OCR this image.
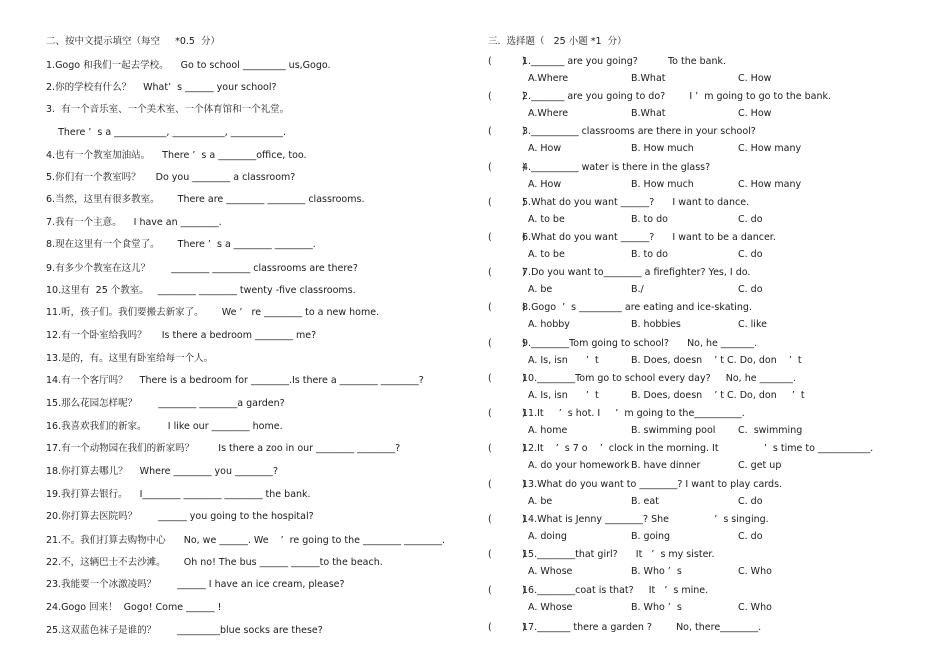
二、按中文提示填空（每空     *0.5  分）
1.Gogo 和我们一起去学校。    Go to school _________ us,Gogo.
2.你的学校有什么？    What’  s ______ your school?
3.  有一个音乐室、一个美术室、一个体育馆和一个礼堂。
There ’  s a ___________, ___________, ___________.
4.也有一个教室加油站。    There ’  s a ________office, too.
5.你们有一个教室吗？     Do you ________ a classroom?
6.当然，这里有很多教室。      There are ________ ________ classrooms.
7.我有一个主意。    I have an ________.
8.现在这里有一个食堂了。      There ’  s a ________ ________.
9.有多少个教室在这儿？       ________ ________ classrooms are there?
10.这里有  25 个教室。   ________ ________ twenty -five classrooms.
11.听，孩子们。我们要搬去新家了。      We ’   re ________ to a new home.
12.有一个卧室给我吗？     Is there a bedroom ________ me?
13.是的，有。这里有卧室给每一个人。
14.有一个客厅吗？    There is a bedroom for ________.Is there a ________ ________?
15.那么花园怎样呢？       ________ ________a garden?
16.我喜欢我们的新家。       I like our ________ home.
17.有一个动物园在我们的新家吗？        Is there a zoo in our ________ ________?
18.你打算去哪儿？    Where ________ you ________?
19.我打算去银行。    I________ ________ ________ the bank.
20.你打算去医院吗？       ______ you going to the hospital?
21.不。我们打算去购物中心      No, we ______. We    ’  re going to the ________ ________.
22.不，这辆巴士不去沙滩。      Oh no! The bus ______ ______to the beach.
23.我能要一个冰激凌吗？       ______ I have an ice cream, please?
24.Gogo 回来！  Gogo! Come ______ !
25.这双蓝色袜子是谁的？       _________blue socks are these?
三.  选择题（   25 小题 *1  分）
(          )
1._______ are you going?          To the bank.
A.Where	B.What	C. How
(          )
2._______ are you going to do?        I ’  m going to go to the bank.
A.Where	B.What	C. How
(          )
3.__________ classrooms are there in your school?
A. How	B. How much	C. How many
(          )
4.__________ water is there in the glass?
A. How	B. How much	C. How many
(          )
5.What do you want ______?      I want to dance.
A. to be	B. to do	C. do
(          )
6.What do you want ______?      I want to be a dancer.
A. to be	B. to do	C. do
(          )
7.Do you want to________ a firefighter? Yes, I do.
A. be	B./	C. do
(          )
8.Gogo  ’  s _________ are eating and ice-skating.
A. hobby	B. hobbies	C. like
(          )
9.________Tom going to school?      No, he _______.
A. Is, isn      ’  t	B. Does, doesn    ’ t C. Do, don    ’  t
(          )
10.________Tom go to school every day?     No, he _______.
A. Is, isn      ’  t	B. Does, doesn    ’ t C. Do, don     ’  t
(          )
11.It     ’  s hot. I     ’  m going to the__________.
A. home	B. swimming pool C.  swimming
(          )
12.It    ’  s 7 o    ’  clock in the morning. It               ’  s time to ___________.
A. do your homework B. have dinner	C. get up
(          )
13.What do you want to ________? I want to play cards.
A. be	B. eat	C. do
(          )
14.What is Jenny ________? She               ’  s singing.
A. doing	B. going	C. do
(          )
15.________that girl?      It   ’  s my sister.
A. Whose	B. Who ’  s	C. Who
(          )
16.________coat is that?     It   ’  s mine.
A. Whose	B. Who ’  s	C. Who
(          )
17._______ there a garden ?        No, there________.
